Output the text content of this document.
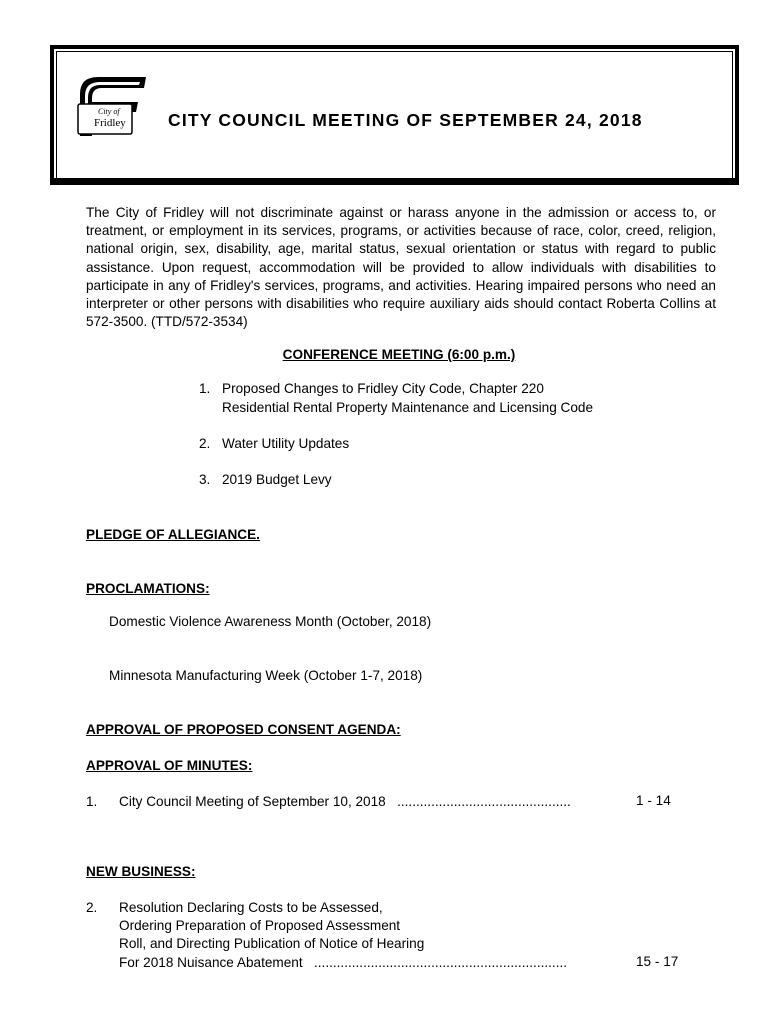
City of
Fridley CITY COUNCIL MEETING OF SEPTEMBER 24, 2018

The City of Fridley will not discriminate against or harass anyone in the admission or access to, or treatment, or employment in its services, programs, or activities because of race, color, creed, religion, national origin, sex, disability, age, marital status, sexual orientation or status with regard to public assistance. Upon request, accommodation will be provided to allow individuals with disabilities to participate in any of Fridley's services, programs, and activities. Hearing impaired persons who need an interpreter or other persons with disabilities who require auxiliary aids should contact Roberta Collins at 572-3500. (TTD/572-3534)

CONFERENCE MEETING (6:00 p.m.)
1. Proposed Changes to Fridley City Code, Chapter 220
Residential Rental Property Maintenance and Licensing Code
2. Water Utility Updates
3. 2019 Budget Levy
PLEDGE OF ALLEGIANCE.
PROCLAMATIONS:
Domestic Violence Awareness Month (October, 2018)
Minnesota Manufacturing Week (October 1-7, 2018)
APPROVAL OF PROPOSED CONSENT AGENDA:
APPROVAL OF MINUTES:
1. City Council Meeting of September 10, 2018 ..............................................	1 - 14
NEW BUSINESS:
2. Resolution Declaring Costs to be Assessed,
Ordering Preparation of Proposed Assessment
Roll, and Directing Publication of Notice of Hearing
For 2018 Nuisance Abatement ...................................................................	15 - 17
